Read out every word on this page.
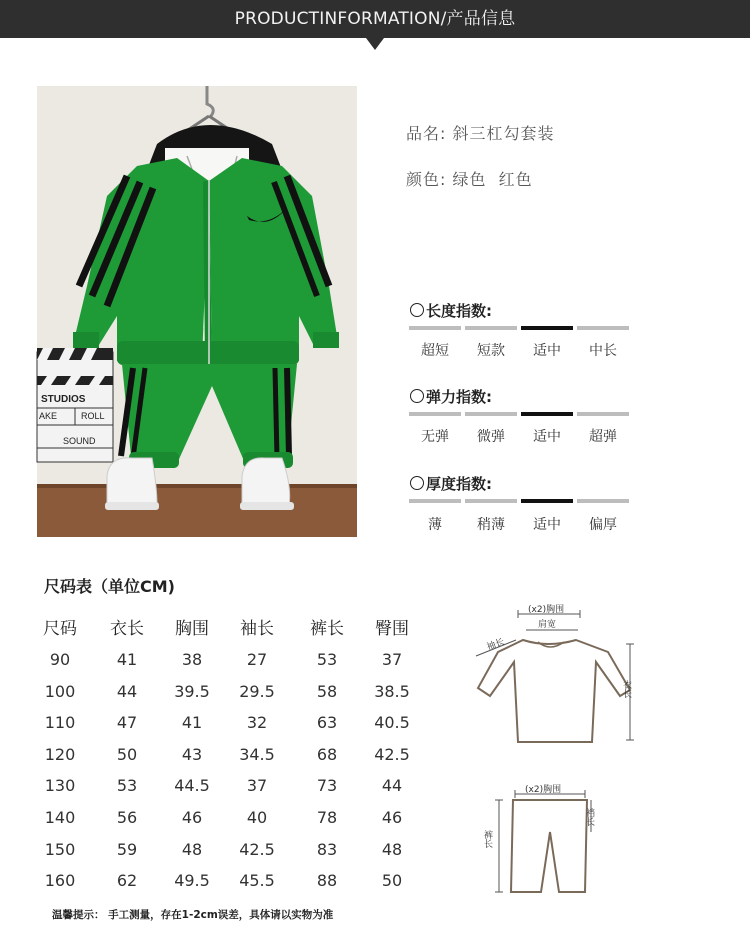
PRODUCTINFORMATION/产品信息
STUDIOS
AKE	ROLL
SOUND
品名: 斜三杠勾套装
颜色: 绿色  红色
长度指数:
超短	短款	适中	中长
弹力指数:
无弹	微弹	适中	超弹
厚度指数:
薄	稍薄	适中	偏厚
尺码表（单位CM)
尺码	衣长	胸围	袖长	裤长	臀围
90	41	38	27	53	37
100	44	39.5	29.5	58	38.5
110	47	41	32	63	40.5
120	50	43	34.5	68	42.5
130	53	44.5	37	73	44
140	56	46	40	78	46
150	59	48	42.5	83	48
160	62	49.5	45.5	88	50
(x2)胸围
肩宽
袖长
衣长
(x2)胸围
裆长
裤长
温馨提示： 手工测量，存在1-2cm误差，具体请以实物为准
